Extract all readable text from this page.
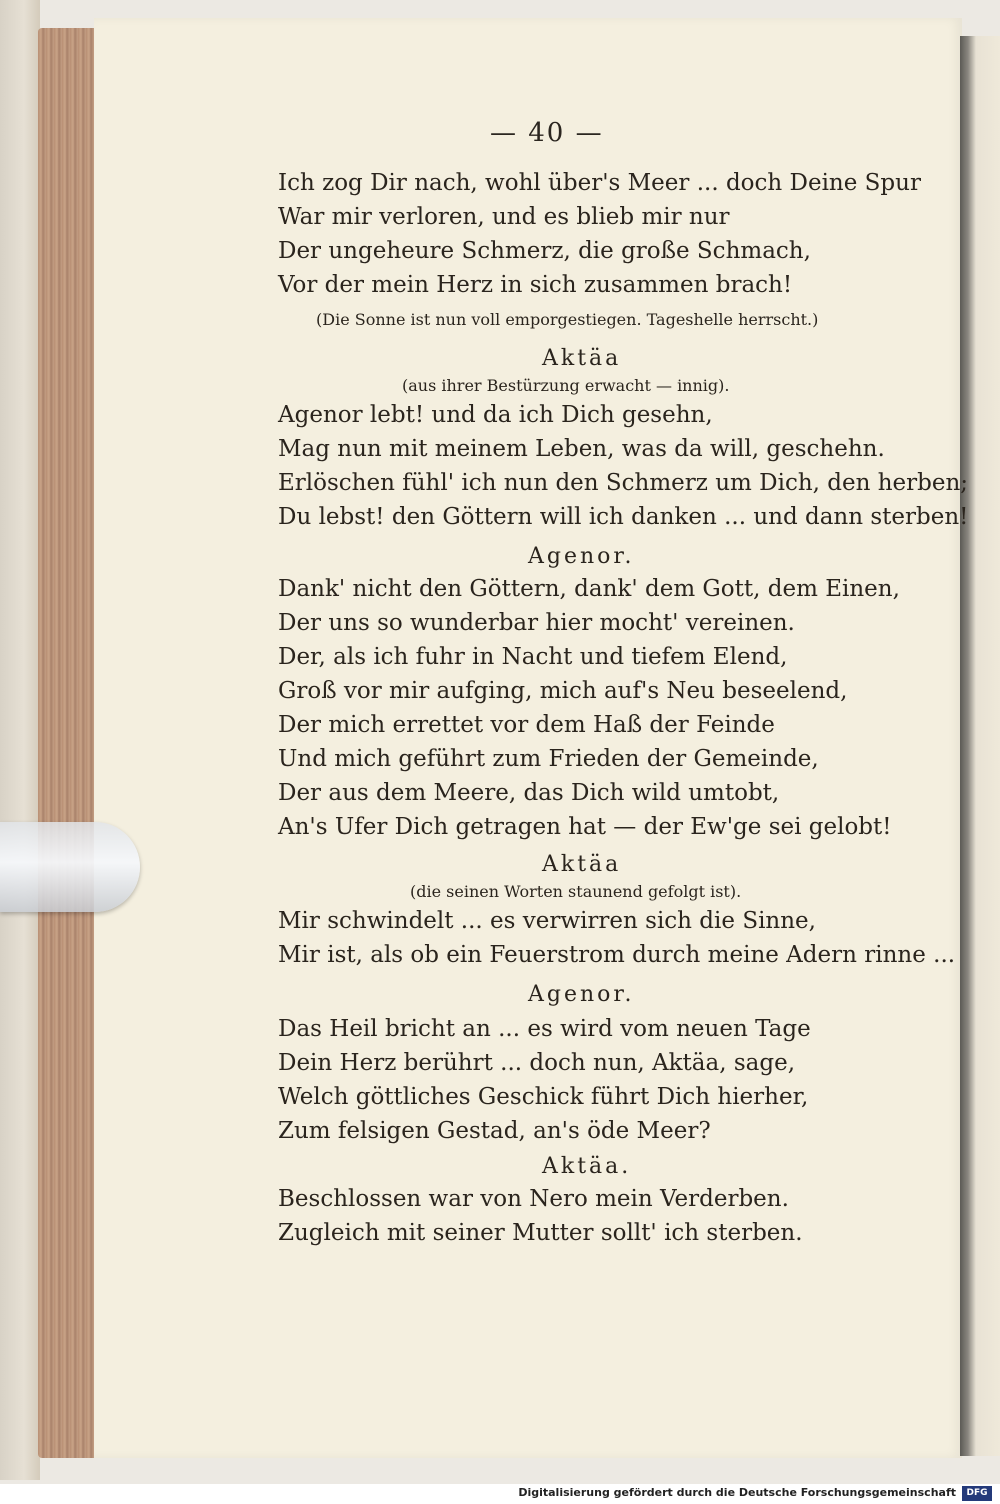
— 40 —
Ich zog Dir nach, wohl über's Meer ... doch Deine Spur
War mir verloren, und es blieb mir nur
Der ungeheure Schmerz, die große Schmach,
Vor der mein Herz in sich zusammen brach!
(Die Sonne ist nun voll emporgestiegen. Tageshelle herrscht.)
Aktäa
(aus ihrer Bestürzung erwacht — innig).
Agenor lebt! und da ich Dich gesehn,
Mag nun mit meinem Leben, was da will, geschehn.
Erlöschen fühl' ich nun den Schmerz um Dich, den herben;
Du lebst! den Göttern will ich danken ... und dann sterben!
Agenor.
Dank' nicht den Göttern, dank' dem Gott, dem Einen,
Der uns so wunderbar hier mocht' vereinen.
Der, als ich fuhr in Nacht und tiefem Elend,
Groß vor mir aufging, mich auf's Neu beseelend,
Der mich errettet vor dem Haß der Feinde
Und mich geführt zum Frieden der Gemeinde,
Der aus dem Meere, das Dich wild umtobt,
An's Ufer Dich getragen hat — der Ew'ge sei gelobt!
Aktäa
(die seinen Worten staunend gefolgt ist).
Mir schwindelt ... es verwirren sich die Sinne,
Mir ist, als ob ein Feuerstrom durch meine Adern rinne ...
Agenor.
Das Heil bricht an ... es wird vom neuen Tage
Dein Herz berührt ... doch nun, Aktäa, sage,
Welch göttliches Geschick führt Dich hierher,
Zum felsigen Gestad, an's öde Meer?
Aktäa.
Beschlossen war von Nero mein Verderben.
Zugleich mit seiner Mutter sollt' ich sterben.
Digitalisierung gefördert durch die Deutsche Forschungsgemeinschaft	DFG
